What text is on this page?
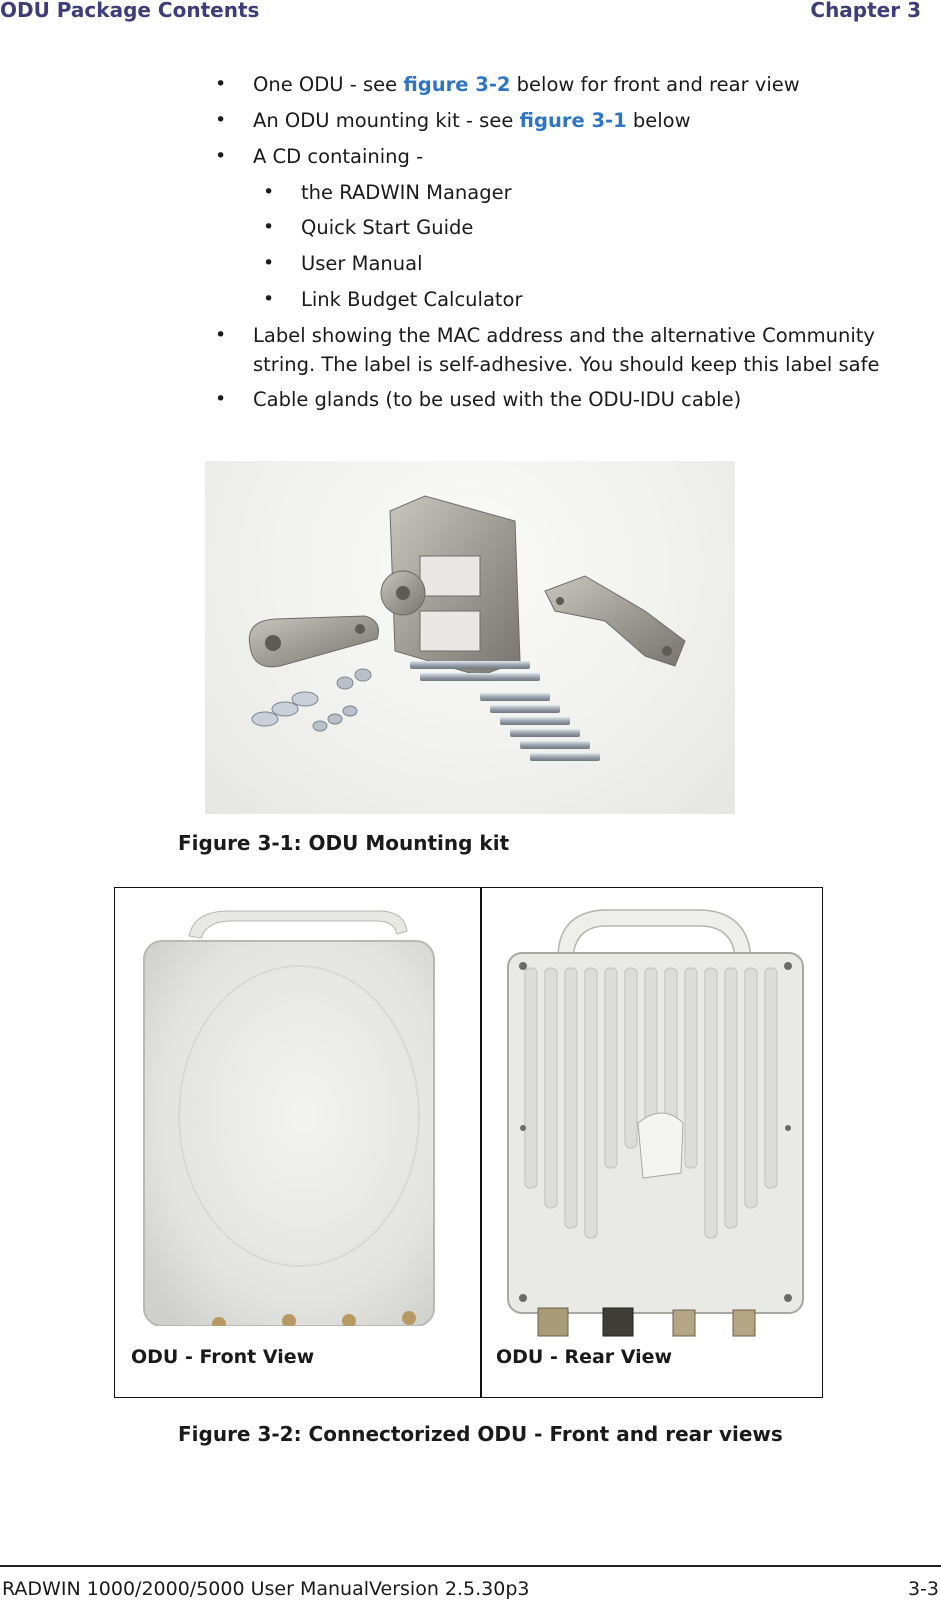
ODU Package Contents	Chapter 3
• One ODU - see figure 3-2 below for front and rear view
• An ODU mounting kit - see figure 3-1 below
• A CD containing -
• the RADWIN Manager
• Quick Start Guide
• User Manual
• Link Budget Calculator
• Label showing the MAC address and the alternative Community
string. The label is self-adhesive. You should keep this label safe
• Cable glands (to be used with the ODU-IDU cable)
Figure 3-1: ODU Mounting kit
ODU - Front View	ODU - Rear View
Figure 3-2: Connectorized ODU - Front and rear views
RADWIN 1000/2000/5000 User ManualVersion 2.5.30p3	3-3
